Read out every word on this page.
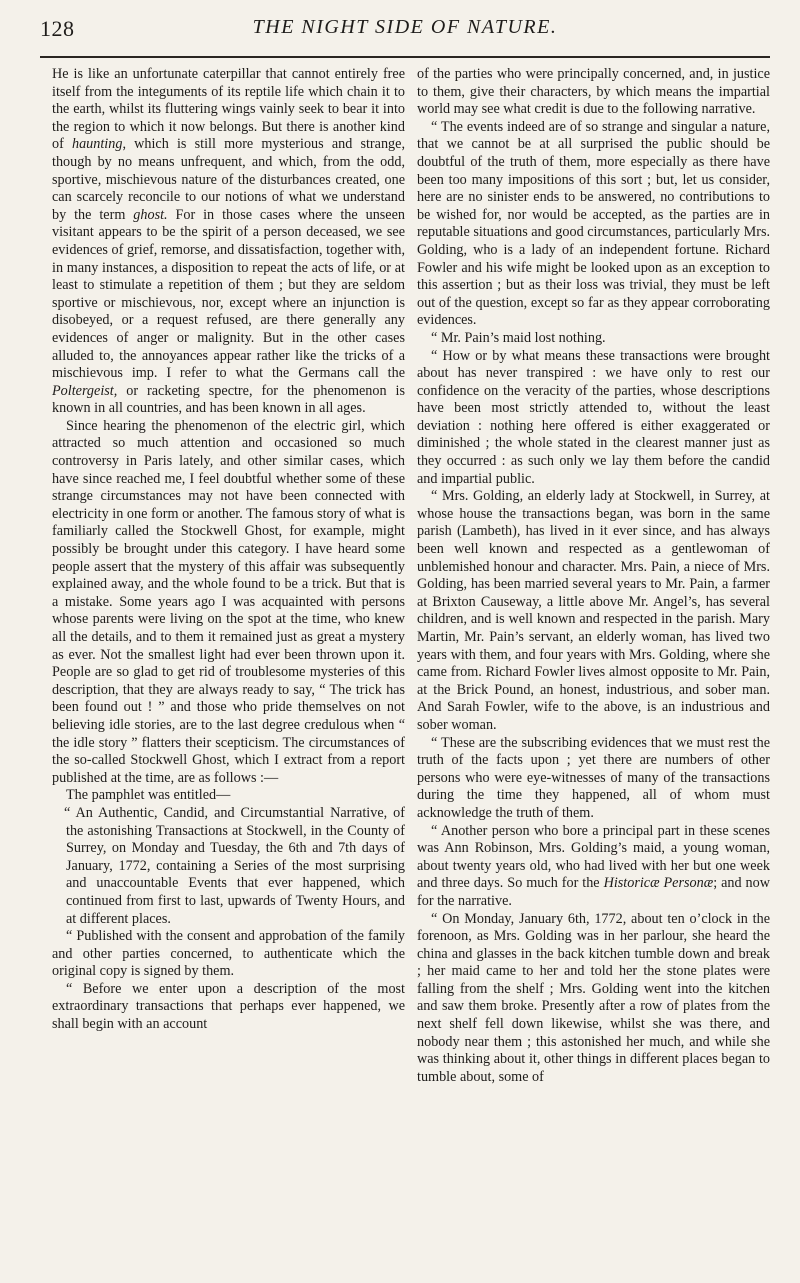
128	THE NIGHT SIDE OF NATURE.

He is like an unfortunate caterpillar that cannot entirely free itself from the integuments of its reptile life which chain it to the earth, whilst its fluttering wings vainly seek to bear it into the region to which it now belongs. But there is another kind of haunting, which is still more mysterious and strange, though by no means unfrequent, and which, from the odd, sportive, mischievous nature of the disturbances created, one can scarcely reconcile to our notions of what we understand by the term ghost. For in those cases where the unseen visitant appears to be the spirit of a person deceased, we see evidences of grief, remorse, and dissatisfaction, together with, in many instances, a disposition to repeat the acts of life, or at least to stimulate a repetition of them ; but they are seldom sportive or mischievous, nor, except where an injunction is disobeyed, or a request refused, are there generally any evidences of anger or malignity. But in the other cases alluded to, the annoyances appear rather like the tricks of a mischievous imp. I refer to what the Germans call the Poltergeist, or racketing spectre, for the phenomenon is known in all countries, and has been known in all ages.

Since hearing the phenomenon of the electric girl, which attracted so much attention and occasioned so much controversy in Paris lately, and other similar cases, which have since reached me, I feel doubtful whether some of these strange circumstances may not have been connected with electricity in one form or another. The famous story of what is familiarly called the Stockwell Ghost, for example, might possibly be brought under this category. I have heard some people assert that the mystery of this affair was subsequently explained away, and the whole found to be a trick. But that is a mistake. Some years ago I was acquainted with persons whose parents were living on the spot at the time, who knew all the details, and to them it remained just as great a mystery as ever. Not the smallest light had ever been thrown upon it. People are so glad to get rid of troublesome mysteries of this description, that they are always ready to say, “ The trick has been found out ! ” and those who pride themselves on not believing idle stories, are to the last degree credulous when “ the idle story ” flatters their scepticism. The circumstances of the so-called Stockwell Ghost, which I extract from a report published at the time, are as follows :—

The pamphlet was entitled—

“ An Authentic, Candid, and Circumstantial Narrative, of the astonishing Transactions at Stockwell, in the County of Surrey, on Monday and Tuesday, the 6th and 7th days of January, 1772, containing a Series of the most surprising and unaccountable Events that ever happened, which continued from first to last, upwards of Twenty Hours, and at different places.

“ Published with the consent and approbation of the family and other parties concerned, to authenticate which the original copy is signed by them.

“ Before we enter upon a description of the most extraordinary transactions that perhaps ever happened, we shall begin with an account

of the parties who were principally concerned, and, in justice to them, give their characters, by which means the impartial world may see what credit is due to the following narrative.

“ The events indeed are of so strange and singular a nature, that we cannot be at all surprised the public should be doubtful of the truth of them, more especially as there have been too many impositions of this sort ; but, let us consider, here are no sinister ends to be answered, no contributions to be wished for, nor would be accepted, as the parties are in reputable situations and good circumstances, particularly Mrs. Golding, who is a lady of an independent fortune. Richard Fowler and his wife might be looked upon as an exception to this assertion ; but as their loss was trivial, they must be left out of the question, except so far as they appear corroborating evidences.

“ Mr. Pain’s maid lost nothing.

“ How or by what means these transactions were brought about has never transpired : we have only to rest our confidence on the veracity of the parties, whose descriptions have been most strictly attended to, without the least deviation : nothing here offered is either exaggerated or diminished ; the whole stated in the clearest manner just as they occurred : as such only we lay them before the candid and impartial public.

“ Mrs. Golding, an elderly lady at Stockwell, in Surrey, at whose house the transactions began, was born in the same parish (Lambeth), has lived in it ever since, and has always been well known and respected as a gentlewoman of unblemished honour and character. Mrs. Pain, a niece of Mrs. Golding, has been married several years to Mr. Pain, a farmer at Brixton Causeway, a little above Mr. Angel’s, has several children, and is well known and respected in the parish. Mary Martin, Mr. Pain’s servant, an elderly woman, has lived two years with them, and four years with Mrs. Golding, where she came from. Richard Fowler lives almost opposite to Mr. Pain, at the Brick Pound, an honest, industrious, and sober man. And Sarah Fowler, wife to the above, is an industrious and sober woman.

“ These are the subscribing evidences that we must rest the truth of the facts upon ; yet there are numbers of other persons who were eye-witnesses of many of the transactions during the time they happened, all of whom must acknowledge the truth of them.

“ Another person who bore a principal part in these scenes was Ann Robinson, Mrs. Golding’s maid, a young woman, about twenty years old, who had lived with her but one week and three days. So much for the Historicæ Personæ; and now for the narrative.

“ On Monday, January 6th, 1772, about ten o’clock in the forenoon, as Mrs. Golding was in her parlour, she heard the china and glasses in the back kitchen tumble down and break ; her maid came to her and told her the stone plates were falling from the shelf ; Mrs. Golding went into the kitchen and saw them broke. Presently after a row of plates from the next shelf fell down likewise, whilst she was there, and nobody near them ; this astonished her much, and while she was thinking about it, other things in different places began to tumble about, some of
